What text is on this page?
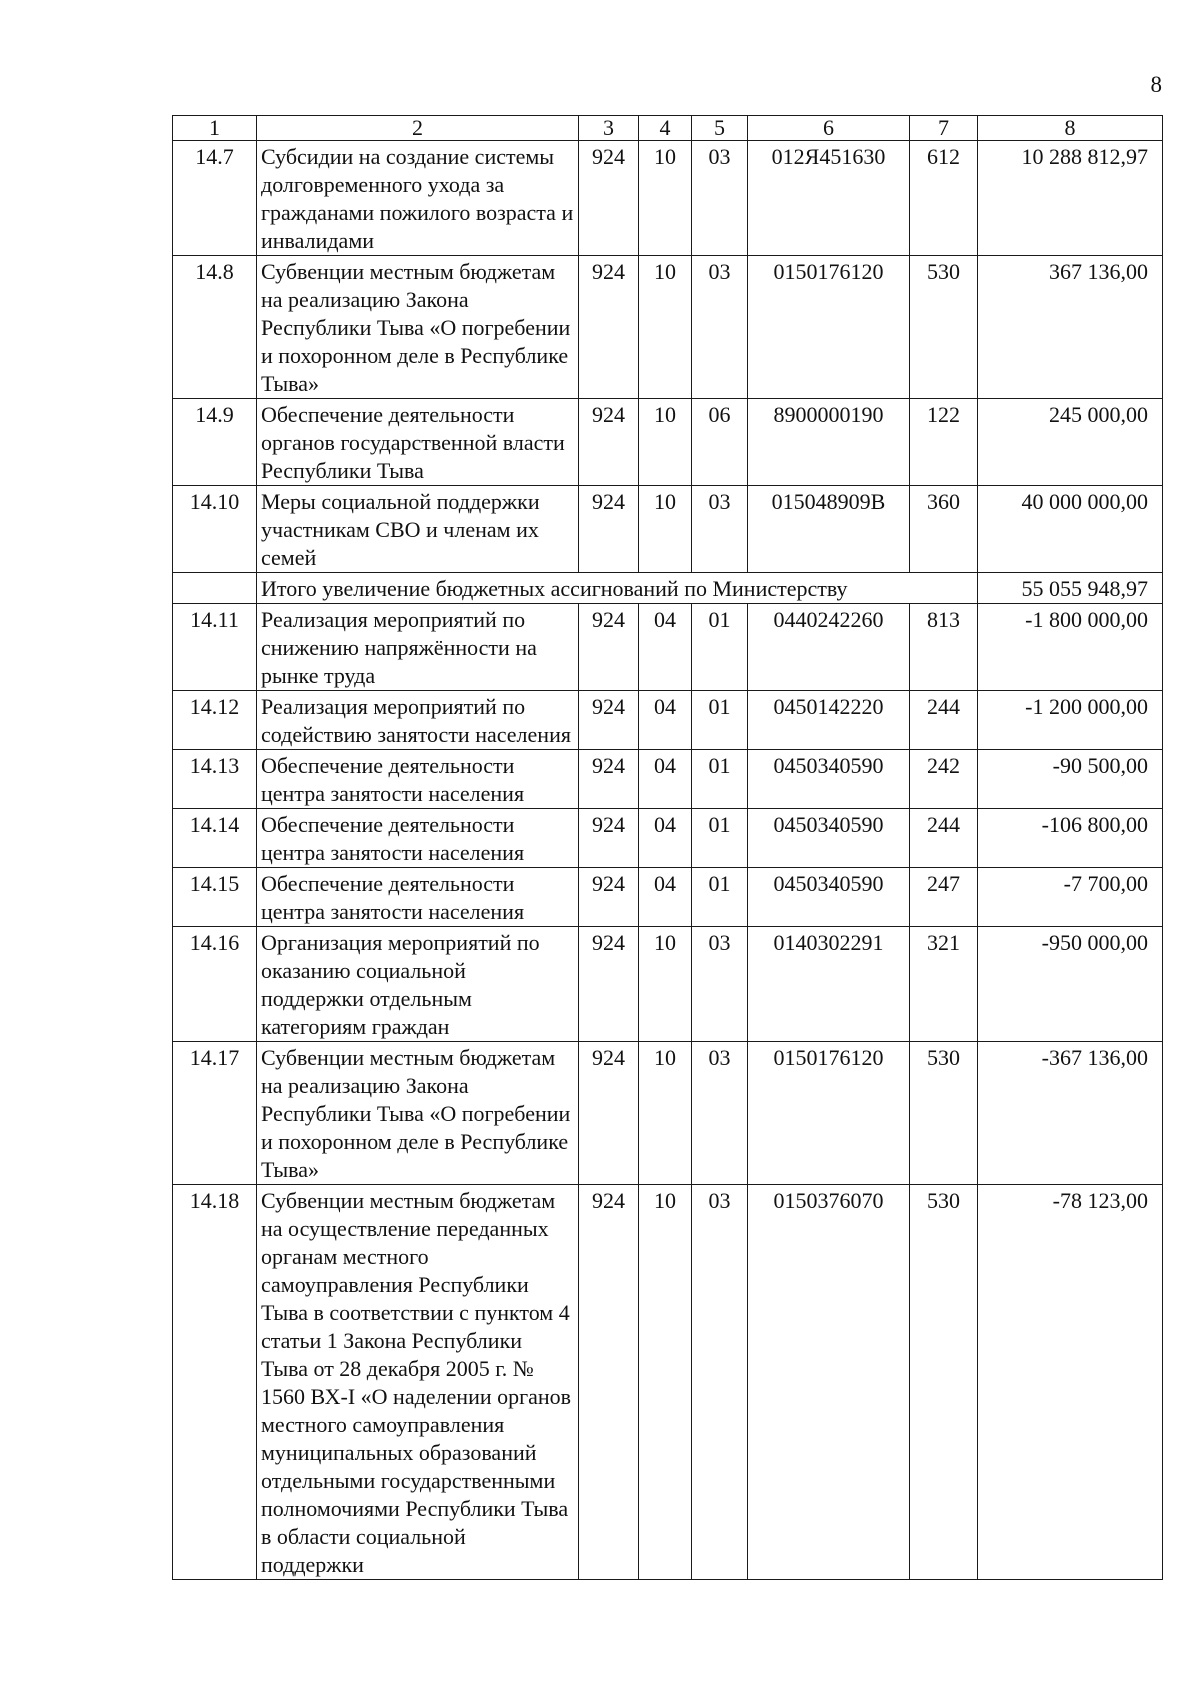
8
1	2	3	4	5	6	7	8
14.7	Субсидии на создание системы долговременного ухода за гражданами пожилого возраста и инвалидами	924	10	03	012Я451630	612	10 288 812,97
14.8	Субвенции местным бюджетам на реализацию Закона Республики Тыва «О погребении и похоронном деле в Республике Тыва»	924	10	03	0150176120	530	367 136,00
14.9	Обеспечение деятельности органов государственной власти Республики Тыва	924	10	06	8900000190	122	245 000,00
14.10	Меры социальной поддержки участникам СВО и членам их семей	924	10	03	015048909В	360	40 000 000,00
	Итого увеличение бюджетных ассигнований по Министерству						55 055 948,97
14.11	Реализация мероприятий по снижению напряжённости на рынке труда	924	04	01	0440242260	813	-1 800 000,00
14.12	Реализация мероприятий по содействию занятости населения	924	04	01	0450142220	244	-1 200 000,00
14.13	Обеспечение деятельности центра занятости населения	924	04	01	0450340590	242	-90 500,00
14.14	Обеспечение деятельности центра занятости населения	924	04	01	0450340590	244	-106 800,00
14.15	Обеспечение деятельности центра занятости населения	924	04	01	0450340590	247	-7 700,00
14.16	Организация мероприятий по оказанию социальной поддержки отдельным категориям граждан	924	10	03	0140302291	321	-950 000,00
14.17	Субвенции местным бюджетам на реализацию Закона Республики Тыва «О погребении и похоронном деле в Республике Тыва»	924	10	03	0150176120	530	-367 136,00
14.18	Субвенции местным бюджетам на осуществление переданных органам местного самоуправления Республики Тыва в соответствии с пунктом 4 статьи 1 Закона Республики Тыва от 28 декабря 2005 г. № 1560 ВХ-I «О наделении органов местного самоуправления муниципальных образований отдельными государственными полномочиями Республики Тыва в области социальной поддержки	924	10	03	0150376070	530	-78 123,00
